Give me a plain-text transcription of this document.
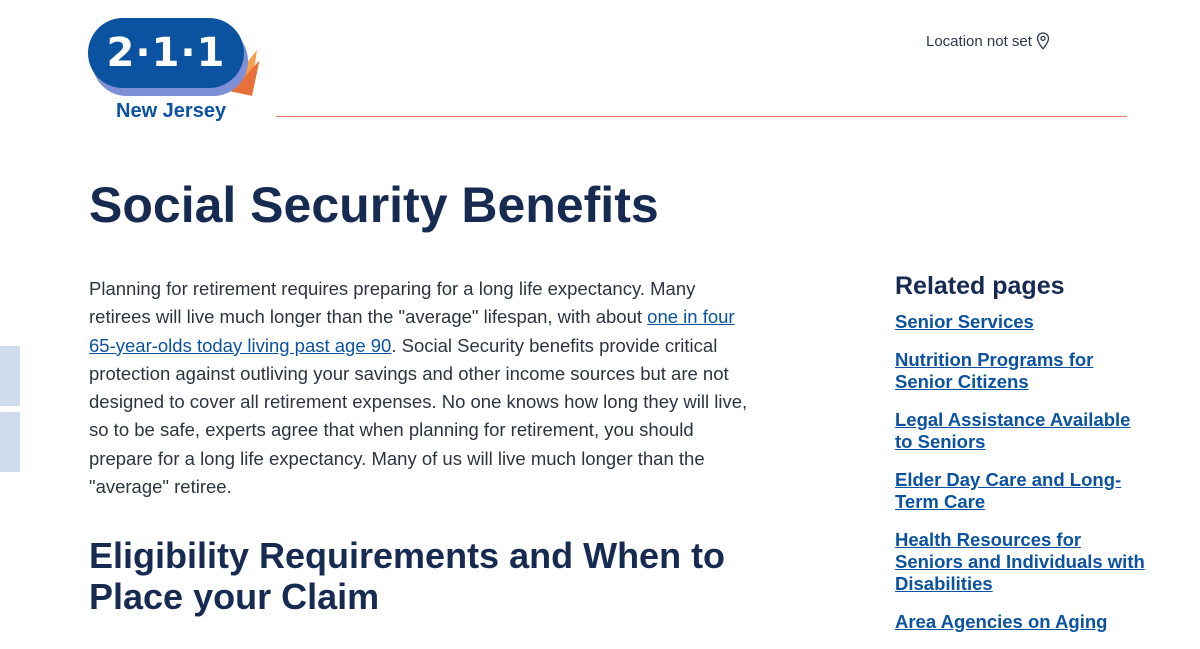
2·1·1
New Jersey
Location not set
Social Security Benefits

Planning for retirement requires preparing for a long life expectancy. Many retirees will live much longer than the "average" lifespan, with about one in four 65-year-olds today living past age 90. Social Security benefits provide critical protection against outliving your savings and other income sources but are not designed to cover all retirement expenses. No one knows how long they will live, so to be safe, experts agree that when planning for retirement, you should prepare for a long life expectancy. Many of us will live much longer than the "average" retiree.

Eligibility Requirements and When to Place your Claim
Related pages
Senior Services
Nutrition Programs for Senior Citizens
Legal Assistance Available to Seniors
Elder Day Care and Long-Term Care
Health Resources for Seniors and Individuals with Disabilities
Area Agencies on Aging
